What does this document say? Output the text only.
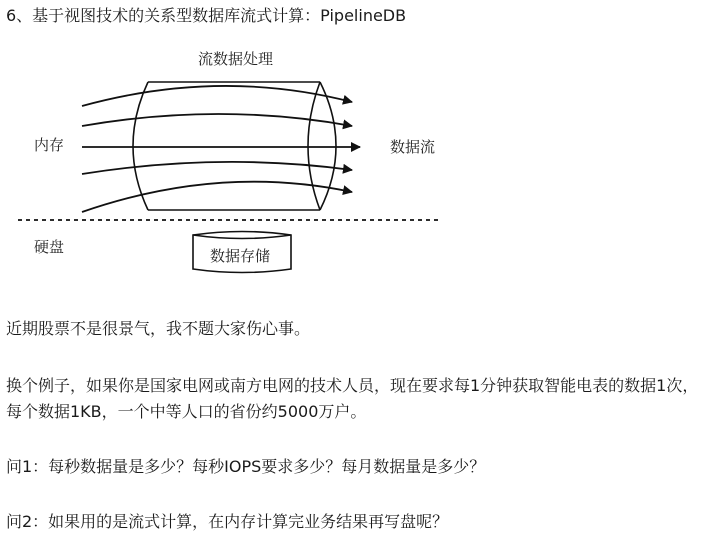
6、基于视图技术的关系型数据库流式计算：PipelineDB
流数据处理
内存	数据流
硬盘	数据存储
近期股票不是很景气，我不题大家伤心事。
换个例子，如果你是国家电网或南方电网的技术人员，现在要求每1分钟获取智能电表的数据1次，
每个数据1KB，一个中等人口的省份约5000万户。
问1：每秒数据量是多少？每秒IOPS要求多少？每月数据量是多少？
问2：如果用的是流式计算，在内存计算完业务结果再写盘呢？
